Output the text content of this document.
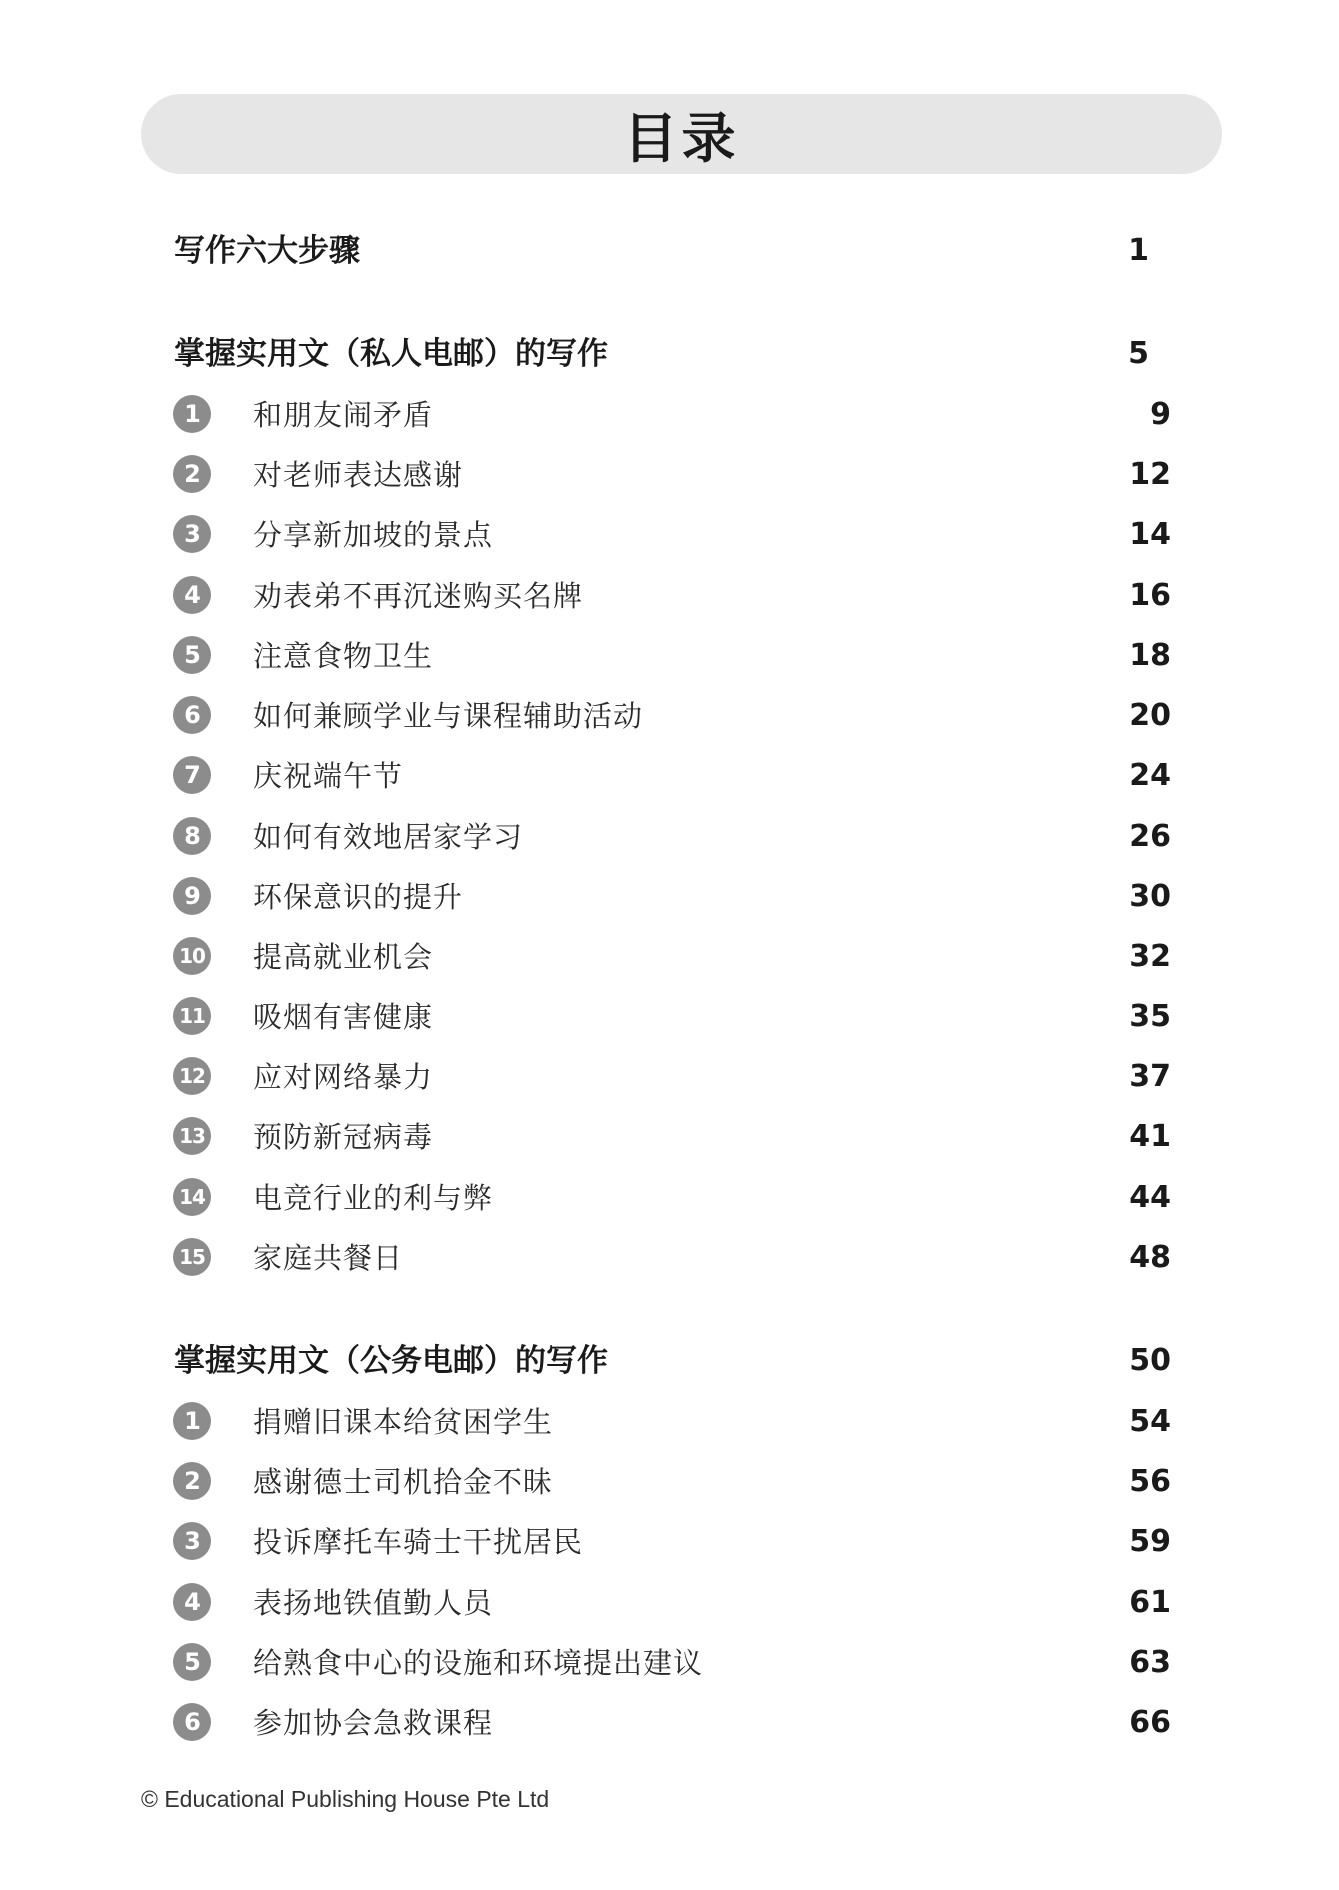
目录
写作六大步骤	1
掌握实用文（私人电邮）的写作	5
1	和朋友闹矛盾	9
2	对老师表达感谢	12
3	分享新加坡的景点	14
4	劝表弟不再沉迷购买名牌	16
5	注意食物卫生	18
6	如何兼顾学业与课程辅助活动	20
7	庆祝端午节	24
8	如何有效地居家学习	26
9	环保意识的提升	30
10 提高就业机会	32
11 吸烟有害健康	35
12 应对网络暴力	37
13 预防新冠病毒	41
14 电竞行业的利与弊	44
15 家庭共餐日	48
掌握实用文（公务电邮）的写作	50
1	捐赠旧课本给贫困学生	54
2	感谢德士司机拾金不昧	56
3	投诉摩托车骑士干扰居民	59
4	表扬地铁值勤人员	61
5	给熟食中心的设施和环境提出建议	63
6	参加协会急救课程	66
© Educational Publishing House Pte Ltd
